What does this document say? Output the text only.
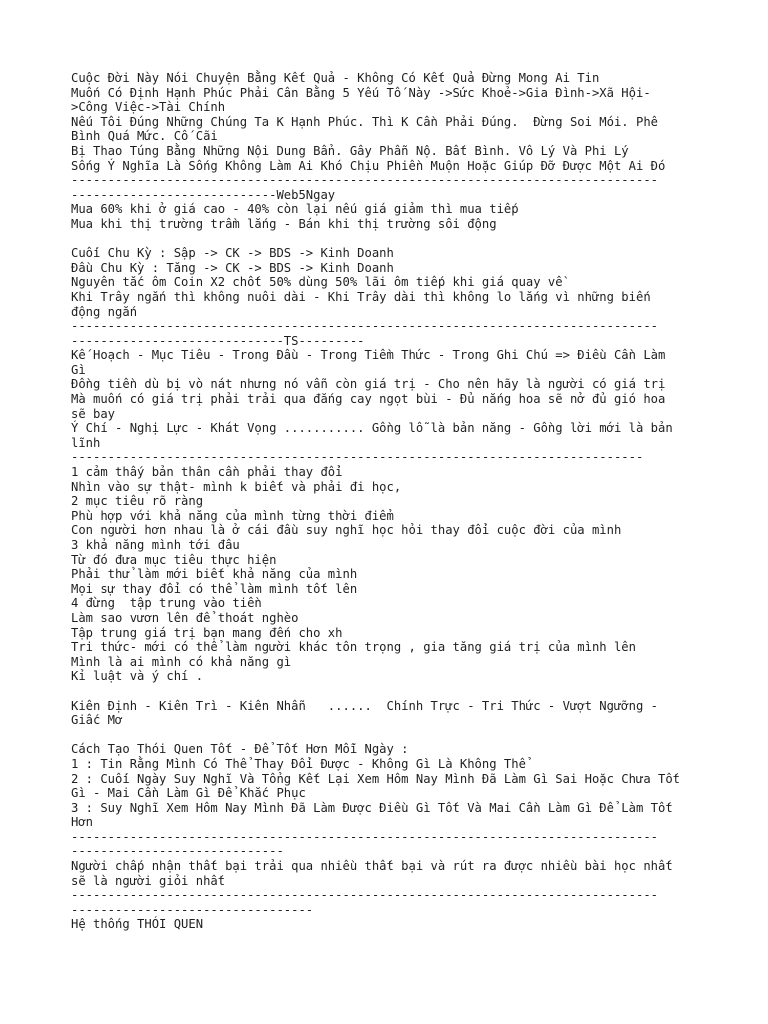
Cuộc Đời Này Nói Chuyện Bằng Kết Quả - Không Có Kết Quả Đừng Mong Ai Tin
Muốn Có Định Hạnh Phúc Phải Cân Bằng 5 Yếu Tố Này ->Sức Khoẻ->Gia Đình->Xã Hội-
>Công Việc->Tài Chính
Nếu Tôi Đúng Những Chúng Ta K Hạnh Phúc. Thì K Cần Phải Đúng.  Đừng Soi Mói. Phê
Bình Quá Mức. Cố Cãi
Bị Thao Túng Bằng Những Nội Dung Bẩn. Gây Phẫn Nộ. Bất Bình. Vô Lý Và Phi Lý
Sống Ý Nghĩa Là Sống Không Làm Ai Khó Chịu Phiền Muộn Hoặc Giúp Đỡ Được Một Ai Đó
--------------------------------------------------------------------------------
----------------------------Web5Ngay
Mua 60% khi ở giá cao - 40% còn lại nếu giá giảm thì mua tiếp
Mua khi thị trường trầm lắng - Bán khi thị trường sôi động
Cuối Chu Kỳ : Sập -> CK -> BDS -> Kinh Doanh
Đầu Chu Kỳ : Tăng -> CK -> BDS -> Kinh Doanh
Nguyên tắc ôm Coin X2 chốt 50% dùng 50% lãi ôm tiếp khi giá quay về
Khi Trây ngắn thì không nuôi dài - Khi Trây dài thì không lo lắng vì những biến
động ngắn
--------------------------------------------------------------------------------
-----------------------------TS---------
Kế Hoạch - Mục Tiêu - Trong Đầu - Trong Tiềm Thức - Trong Ghi Chú => Điều Cần Làm
Gì
Đồng tiền dù bị vò nát nhưng nó vẫn còn giá trị - Cho nên hãy là người có giá trị
Mà muốn có giá trị phải trải qua đắng cay ngọt bùi - Đủ nắng hoa sẽ nở đủ gió hoa
sẽ bay
Ý Chí - Nghị Lực - Khát Vọng ........... Gồng lỗ là bản năng - Gồng lời mới là bản
lĩnh
------------------------------------------------------------------------------
1 cảm thấy bản thân cần phải thay đổi
Nhìn vào sự thật- mình k biết và phải đi học,
2 mục tiêu rõ ràng
Phù hợp với khả năng của mình từng thời điểm
Con người hơn nhau là ở cái đầu suy nghĩ học hỏi thay đổi cuộc đời của mình
3 khả năng mình tới đâu
Từ đó đưa mục tiêu thực hiện
Phải thử làm mới biết khả năng của mình
Mọi sự thay đổi có thể làm mình tốt lên
4 đừng  tập trung vào tiền
Làm sao vươn lên để thoát nghèo
Tập trung giá trị bạn mang đến cho xh
Tri thức- mới có thể làm người khác tôn trọng , gia tăng giá trị của mình lên
Mình là ai mình có khả năng gì
Kỉ luật và ý chí .
Kiên Định - Kiên Trì - Kiên Nhẫn   ......  Chính Trực - Tri Thức - Vượt Ngưỡng -
Giấc Mơ
Cách Tạo Thói Quen Tốt - Để Tốt Hơn Mỗi Ngày :
1 : Tin Rằng Mình Có Thể Thay Đổi Được - Không Gì Là Không Thể
2 : Cuối Ngày Suy Nghĩ Và Tổng Kết Lại Xem Hôm Nay Mình Đã Làm Gì Sai Hoặc Chưa Tốt
Gì - Mai Cần Làm Gì Để Khắc Phục
3 : Suy Nghĩ Xem Hôm Nay Mình Đã Làm Được Điều Gì Tốt Và Mai Cần Làm Gì Để Làm Tốt
Hơn
--------------------------------------------------------------------------------
-----------------------------
Người chấp nhận thất bại trải qua nhiều thất bại và rút ra được nhiều bài học nhất
sẽ là người giỏi nhất
--------------------------------------------------------------------------------
---------------------------------
Hệ thống THÓI QUEN
